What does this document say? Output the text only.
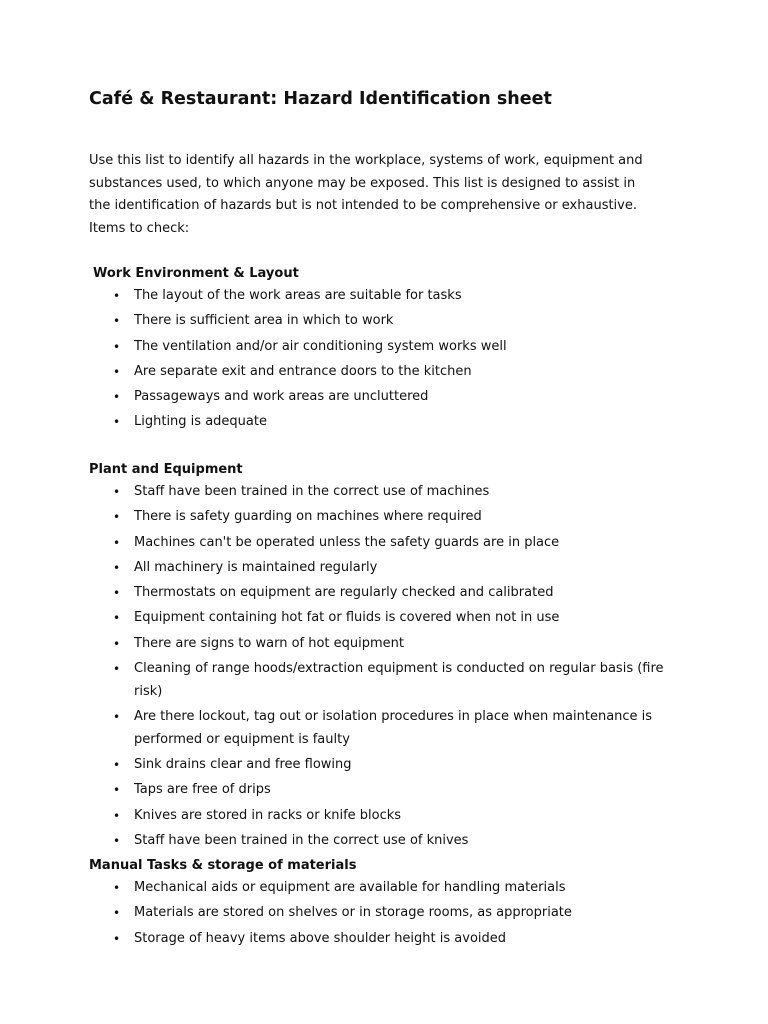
Café & Restaurant: Hazard Identification sheet

Use this list to identify all hazards in the workplace, systems of work, equipment and substances used, to which anyone may be exposed. This list is designed to assist in the identification of hazards but is not intended to be comprehensive or exhaustive. Items to check:

Work Environment & Layout
• The layout of the work areas are suitable for tasks
• There is sufficient area in which to work
• The ventilation and/or air conditioning system works well
• Are separate exit and entrance doors to the kitchen
• Passageways and work areas are uncluttered
• Lighting is adequate
Plant and Equipment
• Staff have been trained in the correct use of machines
• There is safety guarding on machines where required
• Machines can't be operated unless the safety guards are in place
• All machinery is maintained regularly
• Thermostats on equipment are regularly checked and calibrated
• Equipment containing hot fat or fluids is covered when not in use
• There are signs to warn of hot equipment
• Cleaning of range hoods/extraction equipment is conducted on regular basis (fire risk)
• Are there lockout, tag out or isolation procedures in place when maintenance is performed or equipment is faulty
• Sink drains clear and free flowing
• Taps are free of drips
• Knives are stored in racks or knife blocks
• Staff have been trained in the correct use of knives
Manual Tasks & storage of materials
• Mechanical aids or equipment are available for handling materials
• Materials are stored on shelves or in storage rooms, as appropriate
• Storage of heavy items above shoulder height is avoided
